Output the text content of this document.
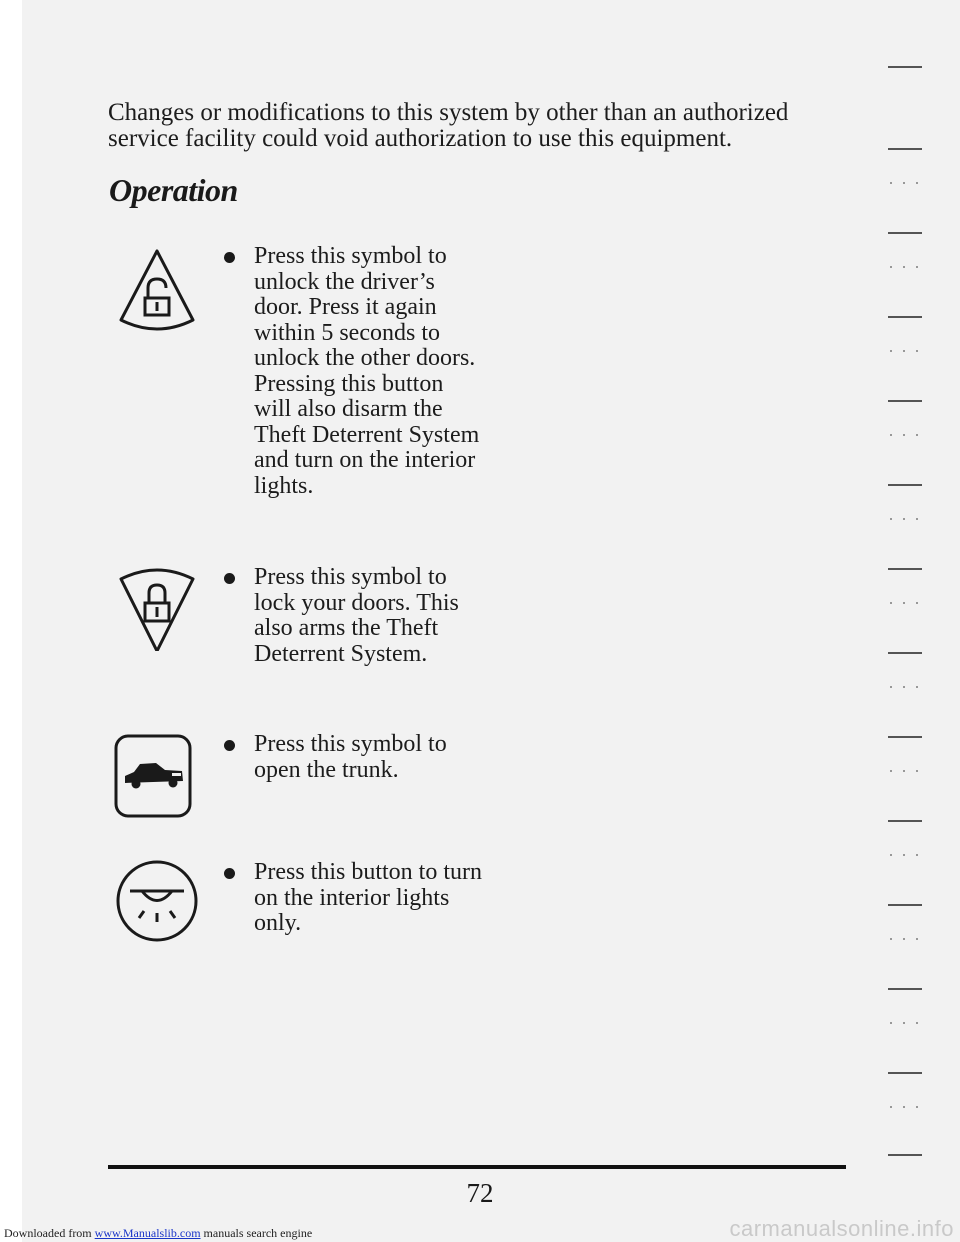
Changes or modifications to this system by other than an authorized service facility could void authorization to use this equipment.

Operation

Press this symbol to unlock the driver’s door. Press it again within 5 seconds to unlock the other doors. Pressing this button will also disarm the Theft Deterrent System and turn on the interior lights.

Press this symbol to lock your doors. This also arms the Theft Deterrent System.

Press this symbol to open the trunk.

Press this button to turn on the interior lights only.

72
Downloaded from www.Manualslib.com manuals search engine	carmanualsonline.info
